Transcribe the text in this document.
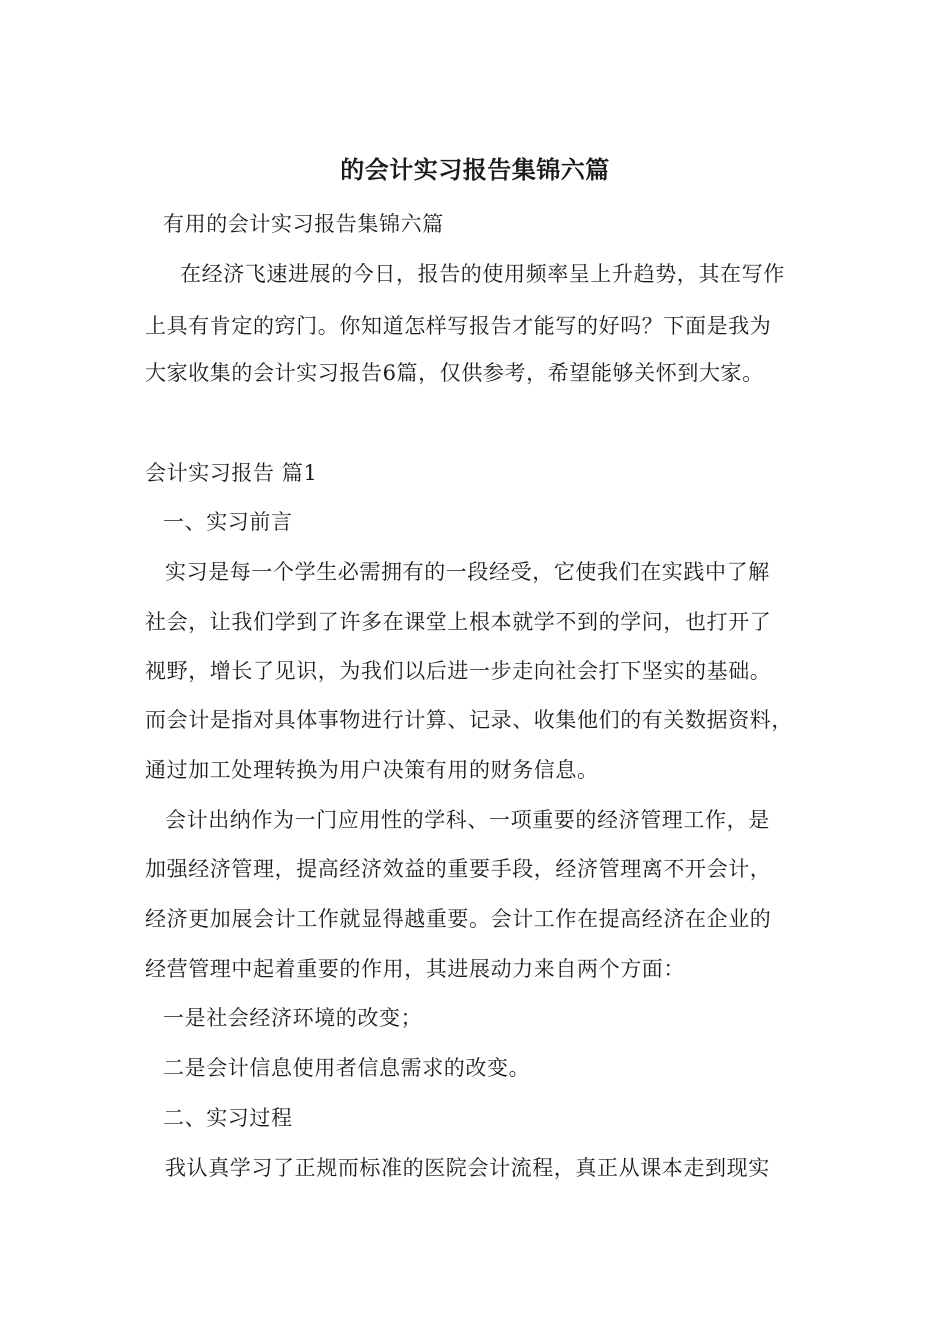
的会计实习报告集锦六篇
有用的会计实习报告集锦六篇
在经济飞速进展的今日，报告的使用频率呈上升趋势，其在写作
上具有肯定的窍门。你知道怎样写报告才能写的好吗？下面是我为
大家收集的会计实习报告6篇，仅供参考，希望能够关怀到大家。
会计实习报告 篇1
一、实习前言
实习是每一个学生必需拥有的一段经受，它使我们在实践中了解
社会，让我们学到了许多在课堂上根本就学不到的学问，也打开了
视野，增长了见识，为我们以后进一步走向社会打下坚实的基础。
而会计是指对具体事物进行计算、记录、收集他们的有关数据资料，
通过加工处理转换为用户决策有用的财务信息。
会计出纳作为一门应用性的学科、一项重要的经济管理工作，是
加强经济管理，提高经济效益的重要手段，经济管理离不开会计，
经济更加展会计工作就显得越重要。会计工作在提高经济在企业的
经营管理中起着重要的作用，其进展动力来自两个方面：
一是社会经济环境的改变；
二是会计信息使用者信息需求的改变。
二、实习过程
我认真学习了正规而标准的医院会计流程，真正从课本走到现实
